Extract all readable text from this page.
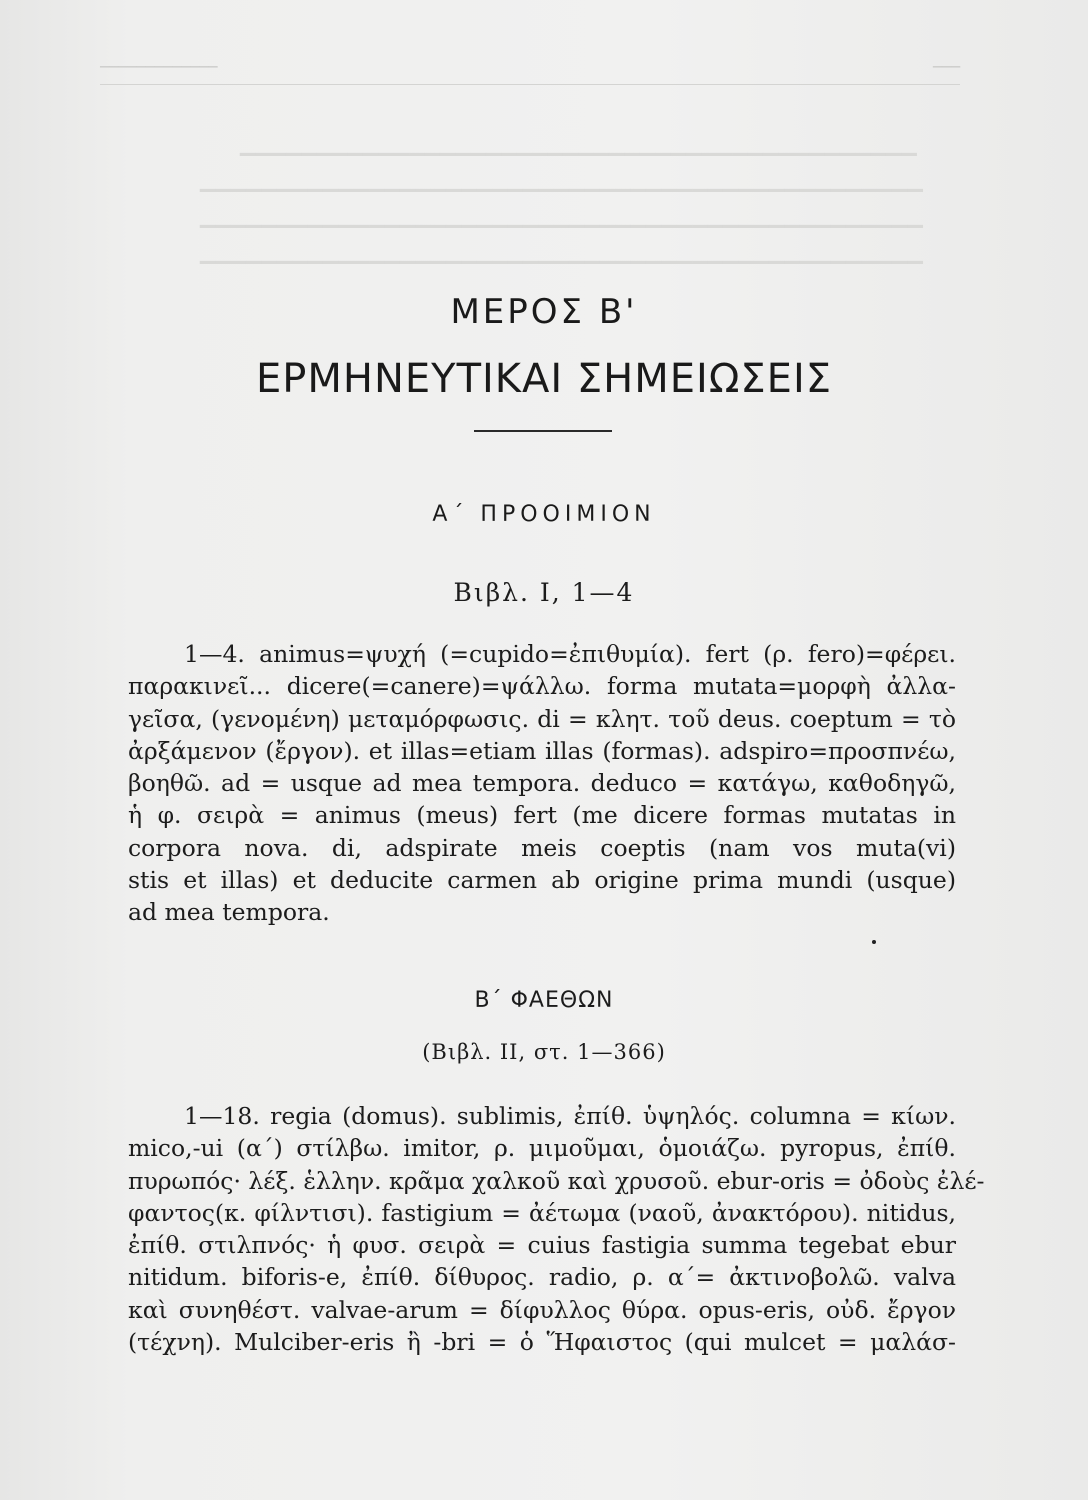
─────────────	───
▁▁▁▁▁▁▁▁▁▁▁▁▁▁▁▁▁▁▁▁▁▁▁▁▁▁▁▁▁▁▁▁▁▁▁▁▁▁▁▁▁▁▁▁
▁▁▁▁▁▁▁▁▁▁▁▁▁▁▁▁▁▁▁▁▁▁▁▁▁▁▁▁▁▁▁▁▁▁▁▁▁▁▁▁▁▁▁▁▁▁▁
▁▁▁▁▁▁▁▁▁▁▁▁▁▁▁▁▁▁▁▁▁▁▁▁▁▁▁▁▁▁▁▁▁▁▁▁▁▁▁▁▁▁▁▁▁▁▁
▁▁▁▁▁▁▁▁▁▁▁▁▁▁▁▁▁▁▁▁▁▁▁▁▁▁▁▁▁▁▁▁▁▁▁▁▁▁▁▁▁▁▁▁▁▁▁
ΜΕΡΟΣ Β'
ΕΡΜΗΝΕΥΤΙΚΑΙ ΣΗΜΕΙΩΣΕΙΣ
Α΄ ΠΡΟΟΙΜΙΟΝ
Βιβλ. Ι, 1—4
1—4. animus=ψυχή (=cupido=ἐπιθυμία). fert (ρ. fero)=φέρει.
παρακινεῖ... dicere(=canere)=ψάλλω. forma mutata=μορφὴ ἀλλα-
γεῖσα, (γενομένη) μεταμόρφωσις. di = κλητ. τοῦ deus. coeptum = τὸ
ἀρξάμενον (ἔργον). et illas=etiam illas (formas). adspiro=προσπνέω,
βοηθῶ. ad = usque ad mea tempora. deduco = κατάγω, καθοδηγῶ,
ἡ φ. σειρὰ = animus (meus) fert (me dicere formas mutatas in
corpora nova. di, adspirate meis coeptis (nam vos muta(vi)
stis et illas) et deducite carmen ab origine prima mundi (usque)
ad mea tempora.
Β΄ ΦΑΕΘΩΝ
(Βιβλ. ΙΙ, στ. 1—366)
1—18. regia (domus). sublimis, ἐπίθ. ὑψηλός. columna = κίων.
mico,-ui (α΄) στίλβω. imitor, ρ. μιμοῦμαι, ὁμοιάζω. pyropus, ἐπίθ.
πυρωπός· λέξ. ἑλλην. κρᾶμα χαλκοῦ καὶ χρυσοῦ. ebur-oris = ὀδοὺς ἐλέ-
φαντος(κ. φίλντισι). fastigium = ἀέτωμα (ναοῦ, ἀνακτόρου). nitidus,
ἐπίθ. στιλπνός· ἡ φυσ. σειρὰ = cuius fastigia summa tegebat ebur
nitidum. biforis-e, ἐπίθ. δίθυρος. radio, ρ. α΄= ἀκτινοβολῶ. valva
καὶ συνηθέστ. valvae-arum = δίφυλλος θύρα. opus-eris, οὐδ. ἔργον
(τέχνη). Mulciber-eris ἢ -bri = ὁ Ἥφαιστος (qui mulcet = μαλάσ-
